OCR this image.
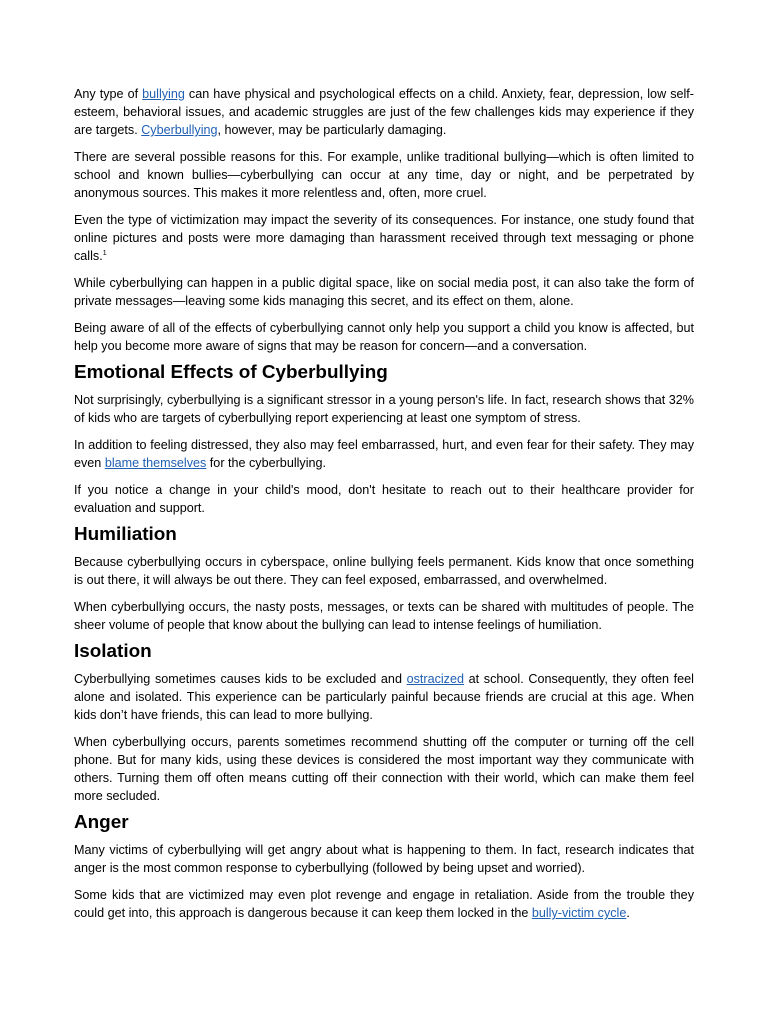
Any type of bullying can have physical and psychological effects on a child. Anxiety, fear, depression, low self-esteem, behavioral issues, and academic struggles are just of the few challenges kids may experience if they are targets. Cyberbullying, however, may be particularly damaging.

There are several possible reasons for this. For example, unlike traditional bullying—which is often limited to school and known bullies—cyberbullying can occur at any time, day or night, and be perpetrated by anonymous sources. This makes it more relentless and, often, more cruel.

Even the type of victimization may impact the severity of its consequences. For instance, one study found that online pictures and posts were more damaging than harassment received through text messaging or phone calls.$^1$

While cyberbullying can happen in a public digital space, like on social media post, it can also take the form of private messages—leaving some kids managing this secret, and its effect on them, alone.

Being aware of all of the effects of cyberbullying cannot only help you support a child you know is affected, but help you become more aware of signs that may be reason for concern—and a conversation.

Emotional Effects of Cyberbullying

Not surprisingly, cyberbullying is a significant stressor in a young person's life. In fact, research shows that 32% of kids who are targets of cyberbullying report experiencing at least one symptom of stress.

In addition to feeling distressed, they also may feel embarrassed, hurt, and even fear for their safety. They may even blame themselves for the cyberbullying.

If you notice a change in your child's mood, don't hesitate to reach out to their healthcare provider for evaluation and support.

Humiliation

Because cyberbullying occurs in cyberspace, online bullying feels permanent. Kids know that once something is out there, it will always be out there. They can feel exposed, embarrassed, and overwhelmed.

When cyberbullying occurs, the nasty posts, messages, or texts can be shared with multitudes of people. The sheer volume of people that know about the bullying can lead to intense feelings of humiliation.

Isolation

Cyberbullying sometimes causes kids to be excluded and ostracized at school. Consequently, they often feel alone and isolated. This experience can be particularly painful because friends are crucial at this age. When kids don’t have friends, this can lead to more bullying.

When cyberbullying occurs, parents sometimes recommend shutting off the computer or turning off the cell phone. But for many kids, using these devices is considered the most important way they communicate with others. Turning them off often means cutting off their connection with their world, which can make them feel more secluded.

Anger

Many victims of cyberbullying will get angry about what is happening to them. In fact, research indicates that anger is the most common response to cyberbullying (followed by being upset and worried).

Some kids that are victimized may even plot revenge and engage in retaliation. Aside from the trouble they could get into, this approach is dangerous because it can keep them locked in the bully-victim cycle.
